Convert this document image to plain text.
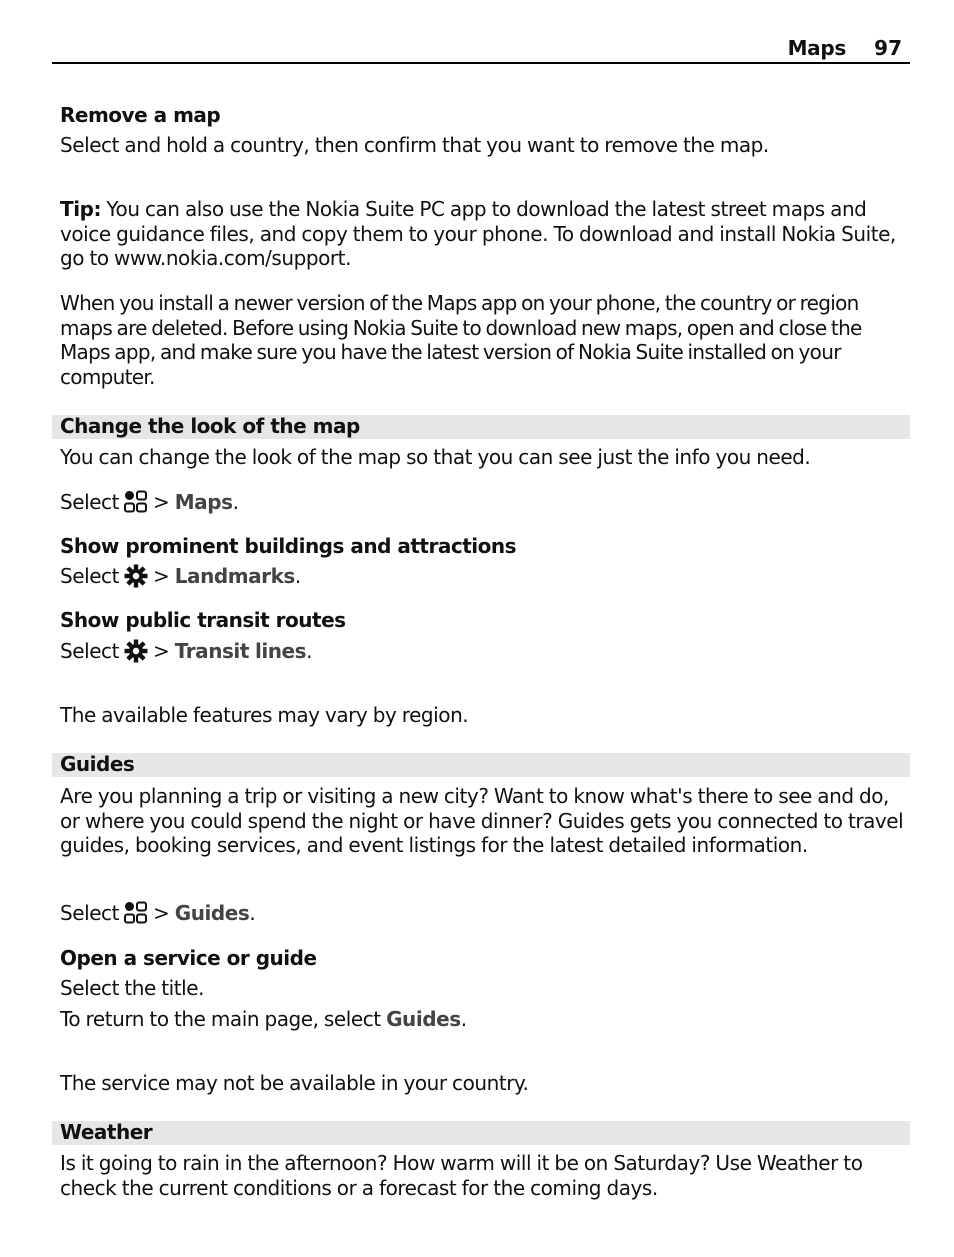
Maps 97
Remove a map
Select and hold a country, then confirm that you want to remove the map.
Tip: You can also use the Nokia Suite PC app to download the latest street maps and voice guidance files, and copy them to your phone. To download and install Nokia Suite, go to www.nokia.com/support.
When you install a newer version of the Maps app on your phone, the country or region maps are deleted. Before using Nokia Suite to download new maps, open and close the Maps app, and make sure you have the latest version of Nokia Suite installed on your computer.
Change the look of the map
You can change the look of the map so that you can see just the info you need.
Select > Maps.
Show prominent buildings and attractions
Select > Landmarks.
Show public transit routes
Select > Transit lines.
The available features may vary by region.
Guides
Are you planning a trip or visiting a new city? Want to know what's there to see and do, or where you could spend the night or have dinner? Guides gets you connected to travel guides, booking services, and event listings for the latest detailed information.
Select > Guides.
Open a service or guide
Select the title.
To return to the main page, select Guides.
The service may not be available in your country.
Weather
Is it going to rain in the afternoon? How warm will it be on Saturday? Use Weather to check the current conditions or a forecast for the coming days.
